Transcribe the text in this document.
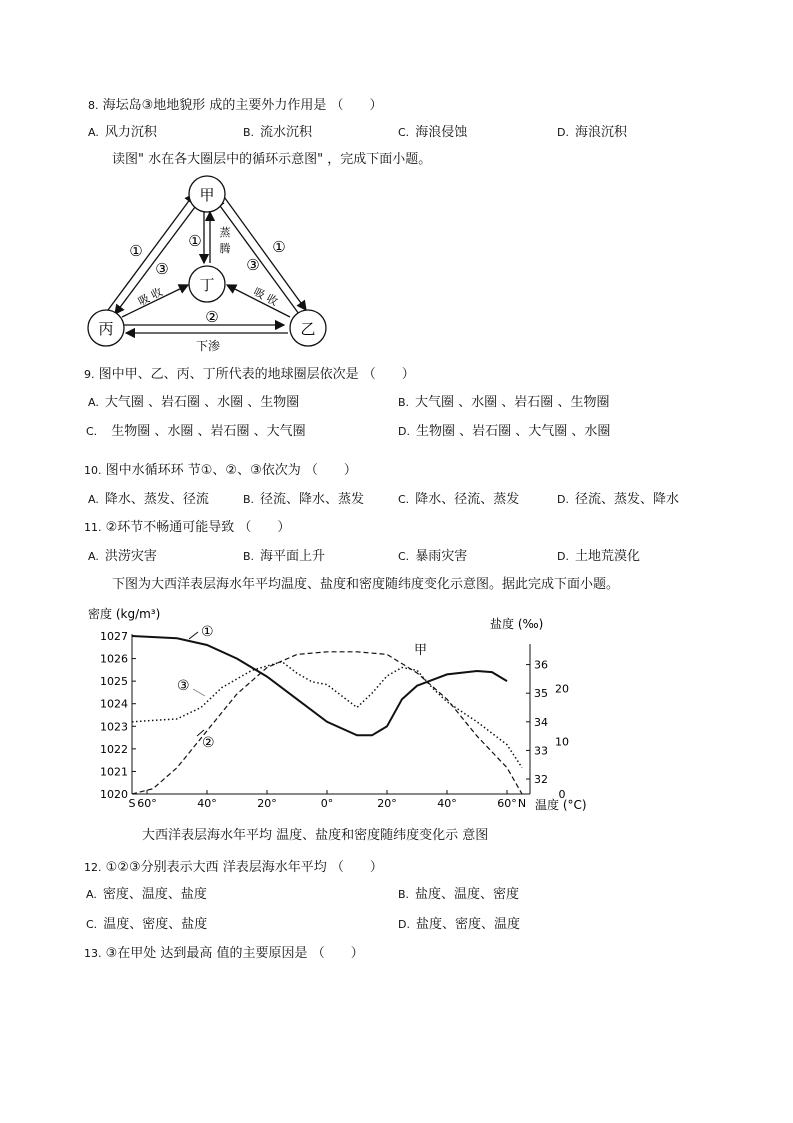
8. 海坛岛③地地貌形 成的主要外力作用是 （　　）
A. 风力沉积	B. 流水沉积	C. 海浪侵蚀	D. 海浪沉积
读图" 水在各大圈层中的循环示意图" ，完成下面小题。
甲
丁
丙	乙
①
③
① 蒸
腾
③
①
吸 收	吸 收
②
下渗
9. 图中甲、乙、丙、丁所代表的地球圈层依次是 （　　）
A. 大气圈 、岩石圈 、水圈 、生物圈	B. 大气圈 、水圈 、岩石圈 、生物圈
C. 生物圈 、水圈 、岩石圈 、大气圈	D. 生物圈 、岩石圈 、大气圈 、水圈
10. 图中水循环环 节①、②、③依次为 （　　）
A. 降水、蒸发、径流	B. 径流、降水、蒸发	C. 降水、径流、蒸发	D. 径流、蒸发、降水
11. ②环节不畅通可能导致 （　　）
A. 洪涝灾害	B. 海平面上升	C. 暴雨灾害	D. 土地荒漠化
下图为大西洋表层海水年平均温度、盐度和密度随纬度变化示意图。据此完成下面小题。
1020
1021
1022
1023
1024
1025
1026
1027
32
33
34
35
36
0
10
20
S 60°	40°	20°	0°	20°	40°	60° N
密度 (kg/m³)
盐度 (‰)
温度 (°C)
①
②
③
甲
大西洋表层海水年平均 温度、盐度和密度随纬度变化示 意图
12. ①②③分别表示大西 洋表层海水年平均 （　　）
A. 密度、温度、盐度	B. 盐度、温度、密度
C. 温度、密度、盐度	D. 盐度、密度、温度
13. ③在甲处 达到最高 值的主要原因是 （　　）
